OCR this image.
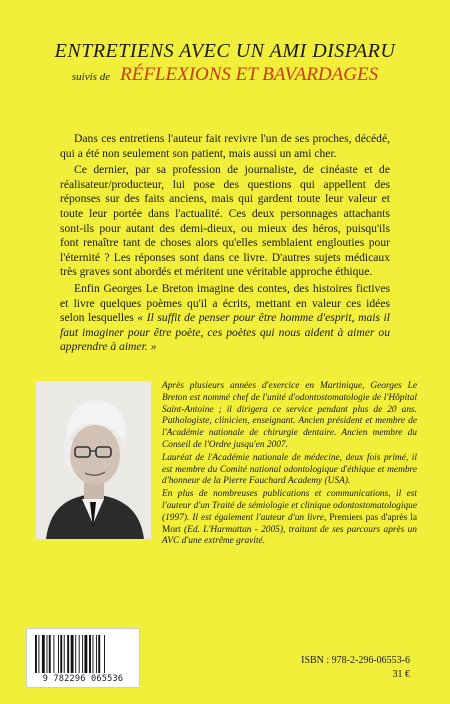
ENTRETIENS AVEC UN AMI DISPARU
suivis de RÉFLEXIONS ET BAVARDAGES

Dans ces entretiens l'auteur fait revivre l'un de ses proches, décédé, qui a été non seulement son patient, mais aussi un ami cher.

Ce dernier, par sa profession de journaliste, de cinéaste et de réalisateur/producteur, lui pose des questions qui appellent des réponses sur des faits anciens, mais qui gardent toute leur valeur et toute leur portée dans l'actualité. Ces deux personnages attachants sont-ils pour autant des demi-dieux, ou mieux des héros, puisqu'ils font renaître tant de choses alors qu'elles semblaient englouties pour l'éternité ? Les réponses sont dans ce livre. D'autres sujets médicaux très graves sont abordés et méritent une véritable approche éthique.

Enfin Georges Le Breton imagine des contes, des histoires fictives et livre quelques poèmes qu'il a écrits, mettant en valeur ces idées selon lesquelles « Il suffit de penser pour être homme d'esprit, mais il faut imaginer pour être poète, ces poètes qui nous aident à aimer ou apprendre à aimer. »

Après plusieurs années d'exercice en Martinique, Georges Le Breton est nommé chef de l'unité d'odontostomatologie de l'Hôpital Saint-Antoine ; il dirigera ce service pendant plus de 20 ans. Pathologiste, clinicien, enseignant. Ancien président et membre de l'Académie nationale de chirurgie dentaire. Ancien membre du Conseil de l'Ordre jusqu'en 2007.

Lauréat de l'Académie nationale de médecine, deux fois primé, il est membre du Comité national odontologique d'éthique et membre d'honneur de la Pierre Fauchard Academy (USA).

En plus de nombreuses publications et communications, il est l'auteur d'un Traité de sémiologie et clinique odontostomatologique (1997). Il est également l'auteur d'un livre, Premiers pas d'après la Mort (Ed. L'Harmattan - 2005), traitant de ses parcours après un AVC d'une extrême gravité.

9 782296 065536
ISBN : 978-2-296-06553-6
31 €
